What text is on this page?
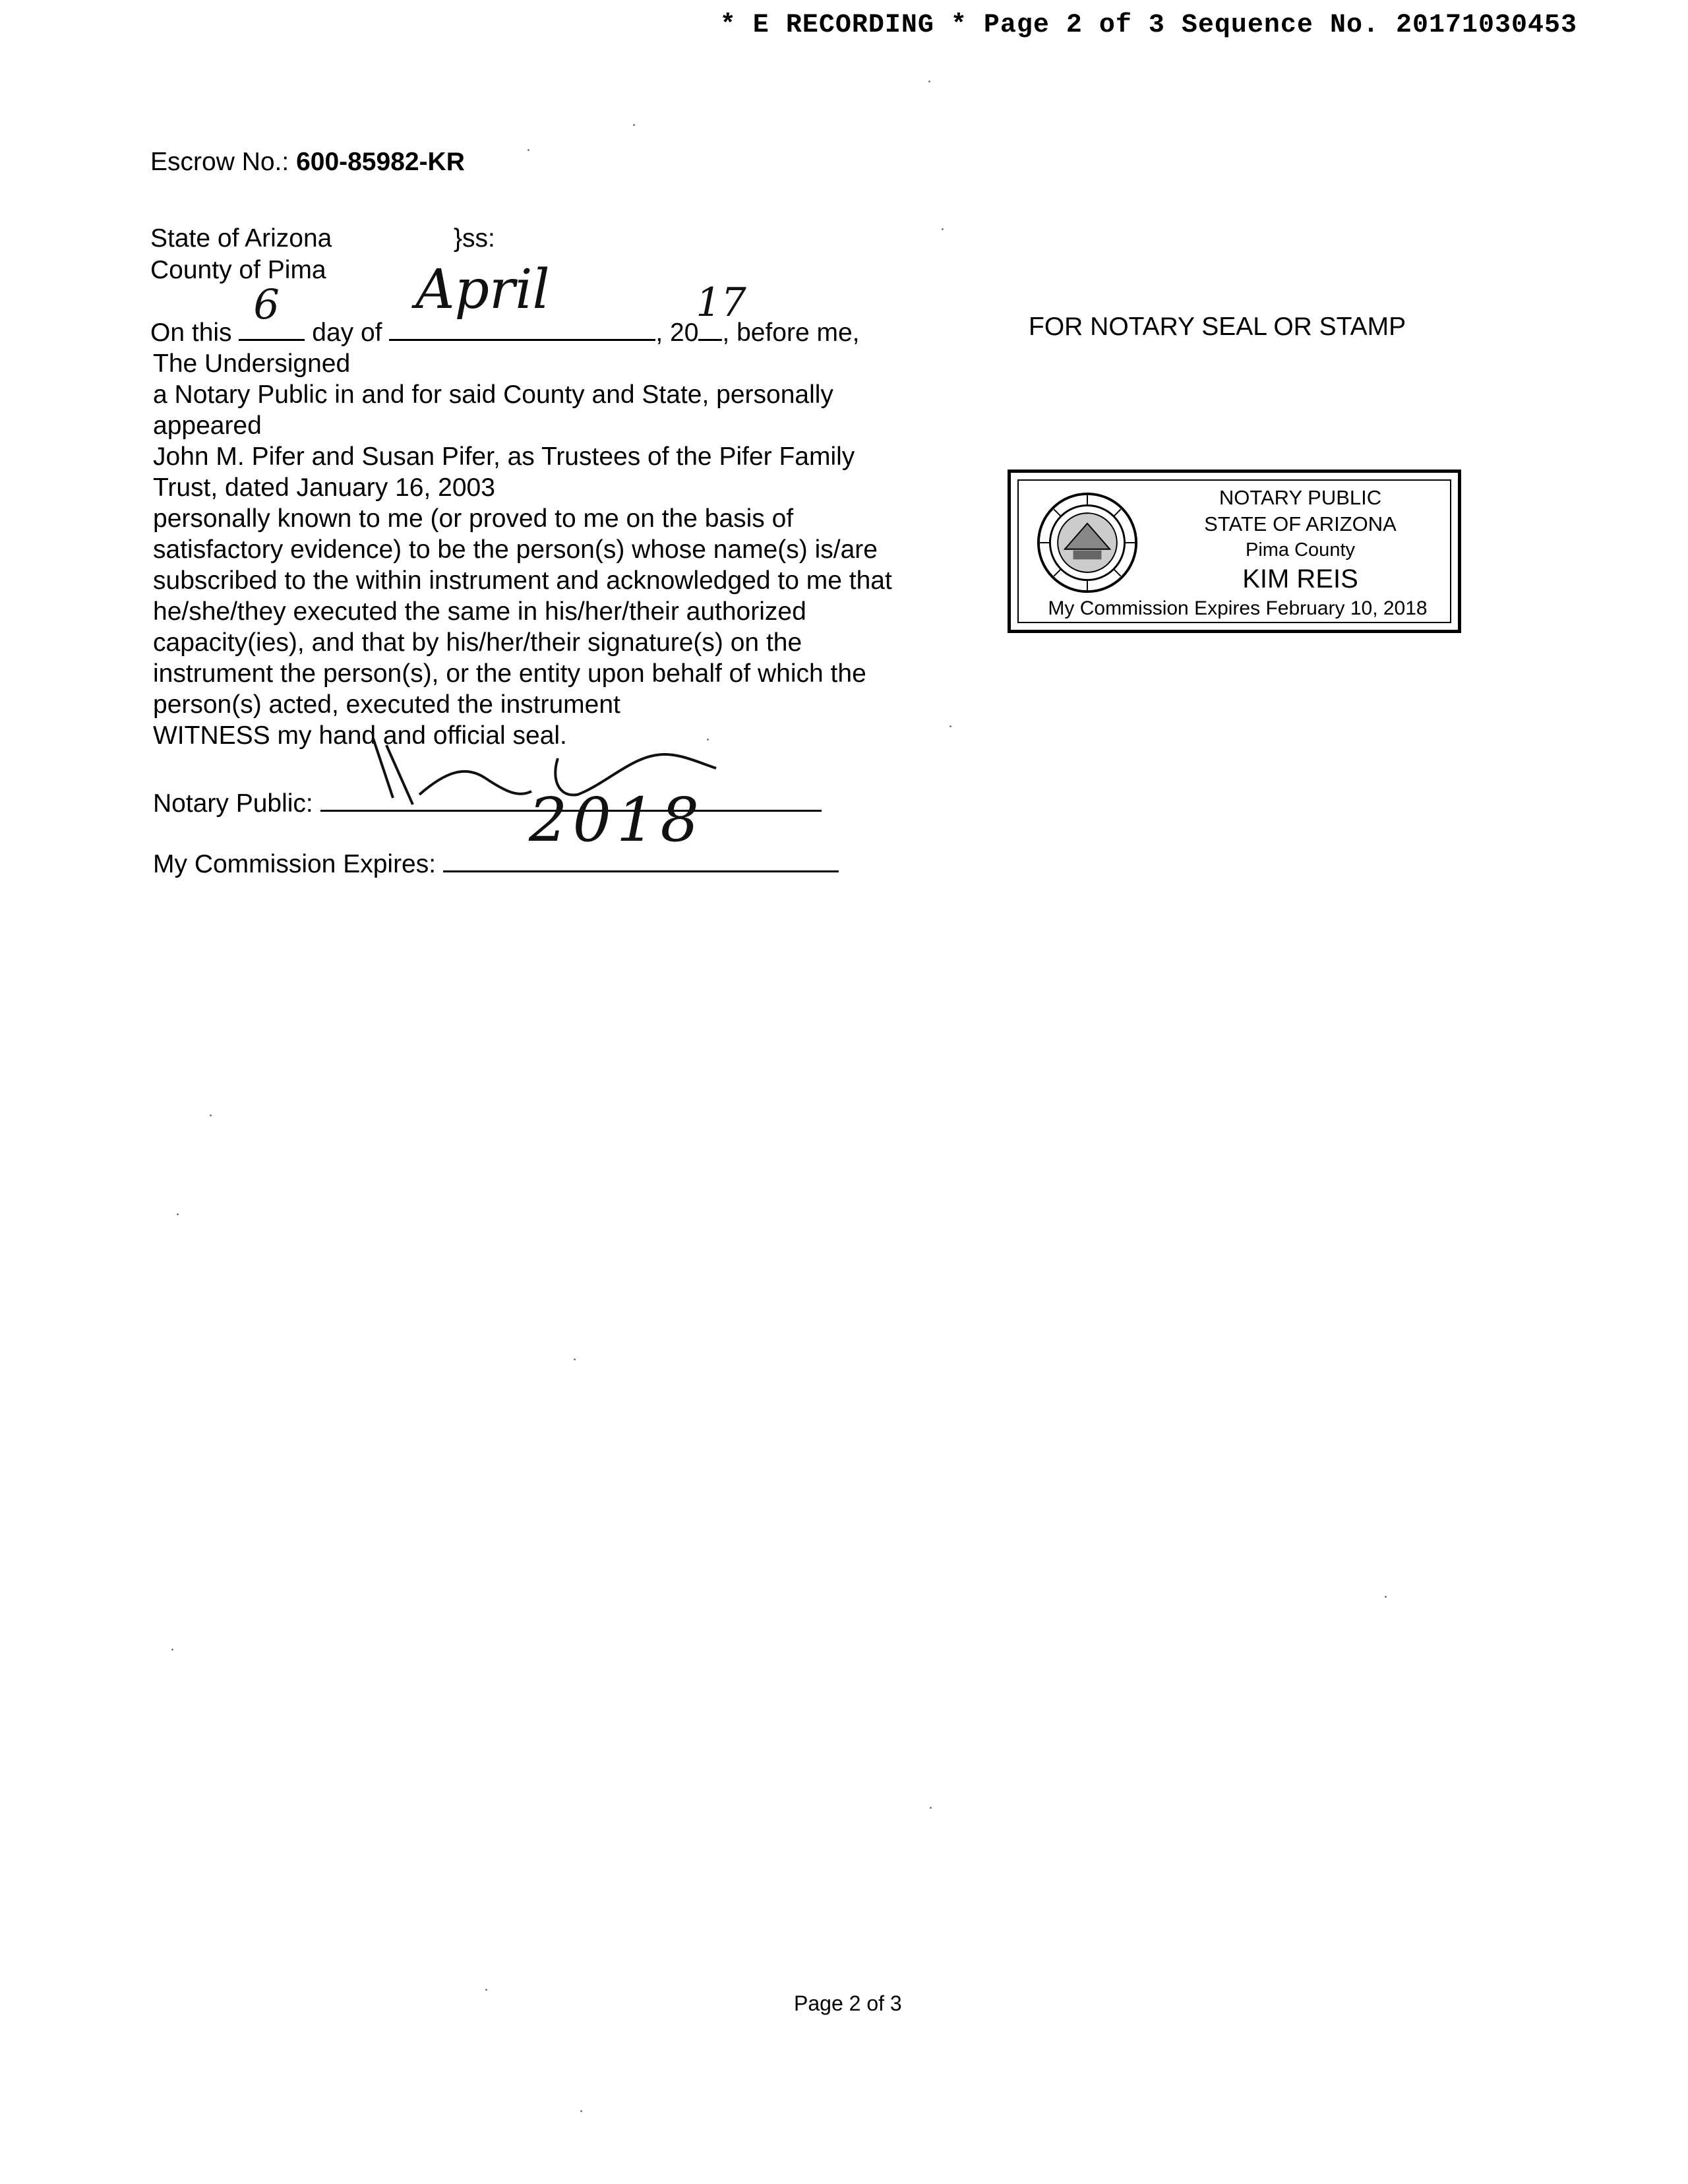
* E RECORDING * Page 2 of 3 Sequence No. 20171030453
Escrow No.: 600-85982-KR
State of Arizona	}ss:
County of Pima
On this
6
day of
April
, 20
17
, before me,
The Undersigned
a Notary Public in and for said County and State, personally
appeared
John M. Pifer and Susan Pifer, as Trustees of the Pifer Family
Trust, dated January 16, 2003
personally known to me (or proved to me on the basis of
satisfactory evidence) to be the person(s) whose name(s) is/are
subscribed to the within instrument and acknowledged to me that
he/she/they executed the same in his/her/their authorized
capacity(ies), and that by his/her/their signature(s) on the
instrument the person(s), or the entity upon behalf of which the
person(s) acted, executed the instrument
WITNESS my hand and official seal.
Notary Public:
My Commission Expires:
2018
FOR NOTARY SEAL OR STAMP
NOTARY PUBLIC
STATE OF ARIZONA
Pima County
KIM REIS
My Commission Expires February 10, 2018
Page 2 of 3
